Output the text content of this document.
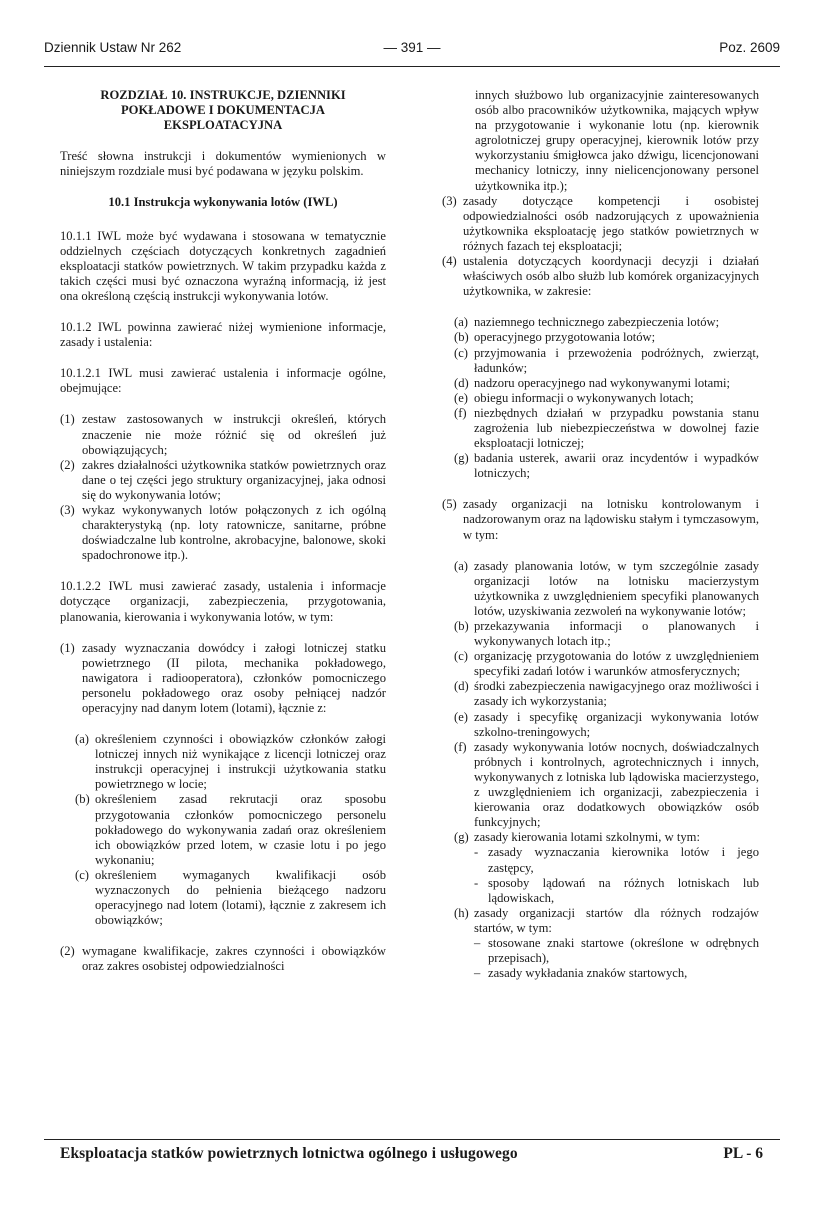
Dziennik Ustaw Nr 262	— 391 —	Poz. 2609
ROZDZIAŁ 10. INSTRUKCJE, DZIENNIKI
POKŁADOWE I DOKUMENTACJA
EKSPLOATACYJNA

Treść słowna instrukcji i dokumentów wymienionych w niniejszym rozdziale musi być podawana w języku polskim.

10.1 Instrukcja wykonywania lotów (IWL)

10.1.1 IWL może być wydawana i stosowana w tematycznie oddzielnych częściach dotyczących konkretnych zagadnień eksploatacji statków powietrznych. W takim przypadku każda z takich części musi być oznaczona wyraźną informacją, iż jest ona określoną częścią instrukcji wykonywania lotów.

10.1.2 IWL powinna zawierać niżej wymienione informacje, zasady i ustalenia:

10.1.2.1 IWL musi zawierać ustalenia i informacje ogólne, obejmujące:

(1) zestaw zastosowanych w instrukcji określeń, których znaczenie nie może różnić się od określeń już obowiązujących;
(2) zakres działalności użytkownika statków powietrznych oraz dane o tej części jego struktury organizacyjnej, jaka odnosi się do wykonywania lotów;
(3) wykaz wykonywanych lotów połączonych z ich ogólną charakterystyką (np. loty ratownicze, sanitarne, próbne doświadczalne lub kontrolne, akrobacyjne, balonowe, skoki spadochronowe itp.).

10.1.2.2 IWL musi zawierać zasady, ustalenia i informacje dotyczące organizacji, zabezpieczenia, przygotowania, planowania, kierowania i wykonywania lotów, w tym:

(1) zasady wyznaczania dowódcy i załogi lotniczej statku powietrznego (II pilota, mechanika pokładowego, nawigatora i radiooperatora), członków pomocniczego personelu pokładowego oraz osoby pełniącej nadzór operacyjny nad danym lotem (lotami), łącznie z:
(a) określeniem czynności i obowiązków członków załogi lotniczej innych niż wynikające z licencji lotniczej oraz instrukcji operacyjnej i instrukcji użytkowania statku powietrznego w locie;
(b) określeniem zasad rekrutacji oraz sposobu przygotowania członków pomocniczego personelu pokładowego do wykonywania zadań oraz określeniem ich obowiązków przed lotem, w czasie lotu i po jego wykonaniu;
(c) określeniem wymaganych kwalifikacji osób wyznaczonych do pełnienia bieżącego nadzoru operacyjnego nad lotem (lotami), łącznie z zakresem ich obowiązków;
(2) wymagane kwalifikacje, zakres czynności i obowiązków oraz zakres osobistej odpowiedzialności
innych służbowo lub organizacyjnie zainteresowanych osób albo pracowników użytkownika, mających wpływ na przygotowanie i wykonanie lotu (np. kierownik agrolotniczej grupy operacyjnej, kierownik lotów przy wykorzystaniu śmigłowca jako dźwigu, licencjonowani mechanicy lotniczy, inny nielicencjonowany personel użytkownika itp.);
(3) zasady dotyczące kompetencji i osobistej odpowiedzialności osób nadzorujących z upoważnienia użytkownika eksploatację jego statków powietrznych w różnych fazach tej eksploatacji;
(4) ustalenia dotyczących koordynacji decyzji i działań właściwych osób albo służb lub komórek organizacyjnych użytkownika, w zakresie:
(a) naziemnego technicznego zabezpieczenia lotów;
(b) operacyjnego przygotowania lotów;
(c) przyjmowania i przewożenia podróżnych, zwierząt, ładunków;
(d) nadzoru operacyjnego nad wykonywanymi lotami;
(e) obiegu informacji o wykonywanych lotach;
(f) niezbędnych działań w przypadku powstania stanu zagrożenia lub niebezpieczeństwa w dowolnej fazie eksploatacji lotniczej;
(g) badania usterek, awarii oraz incydentów i wypadków lotniczych;
(5) zasady organizacji na lotnisku kontrolowanym i nadzorowanym oraz na lądowisku stałym i tymczasowym, w tym:
(a) zasady planowania lotów, w tym szczególnie zasady organizacji lotów na lotnisku macierzystym użytkownika z uwzględnieniem specyfiki planowanych lotów, uzyskiwania zezwoleń na wykonywanie lotów;
(b) przekazywania informacji o planowanych i wykonywanych lotach itp.;
(c) organizację przygotowania do lotów z uwzględnieniem specyfiki zadań lotów i warunków atmosferycznych;
(d) środki zabezpieczenia nawigacyjnego oraz możliwości i zasady ich wykorzystania;
(e) zasady i specyfikę organizacji wykonywania lotów szkolno-treningowych;
(f) zasady wykonywania lotów nocnych, doświadczalnych próbnych i kontrolnych, agrotechnicznych i innych, wykonywanych z lotniska lub lądowiska macierzystego, z uwzględnieniem ich organizacji, zabezpieczenia i kierowania oraz dodatkowych obowiązków osób funkcyjnych;
(g) zasady kierowania lotami szkolnymi, w tym:
- zasady wyznaczania kierownika lotów i jego zastępcy,
- sposoby lądowań na różnych lotniskach lub lądowiskach,
(h) zasady organizacji startów dla różnych rodzajów startów, w tym:
– stosowane znaki startowe (określone w odrębnych przepisach),
– zasady wykładania znaków startowych,
Eksploatacja statków powietrznych lotnictwa ogólnego i usługowego	PL - 6
